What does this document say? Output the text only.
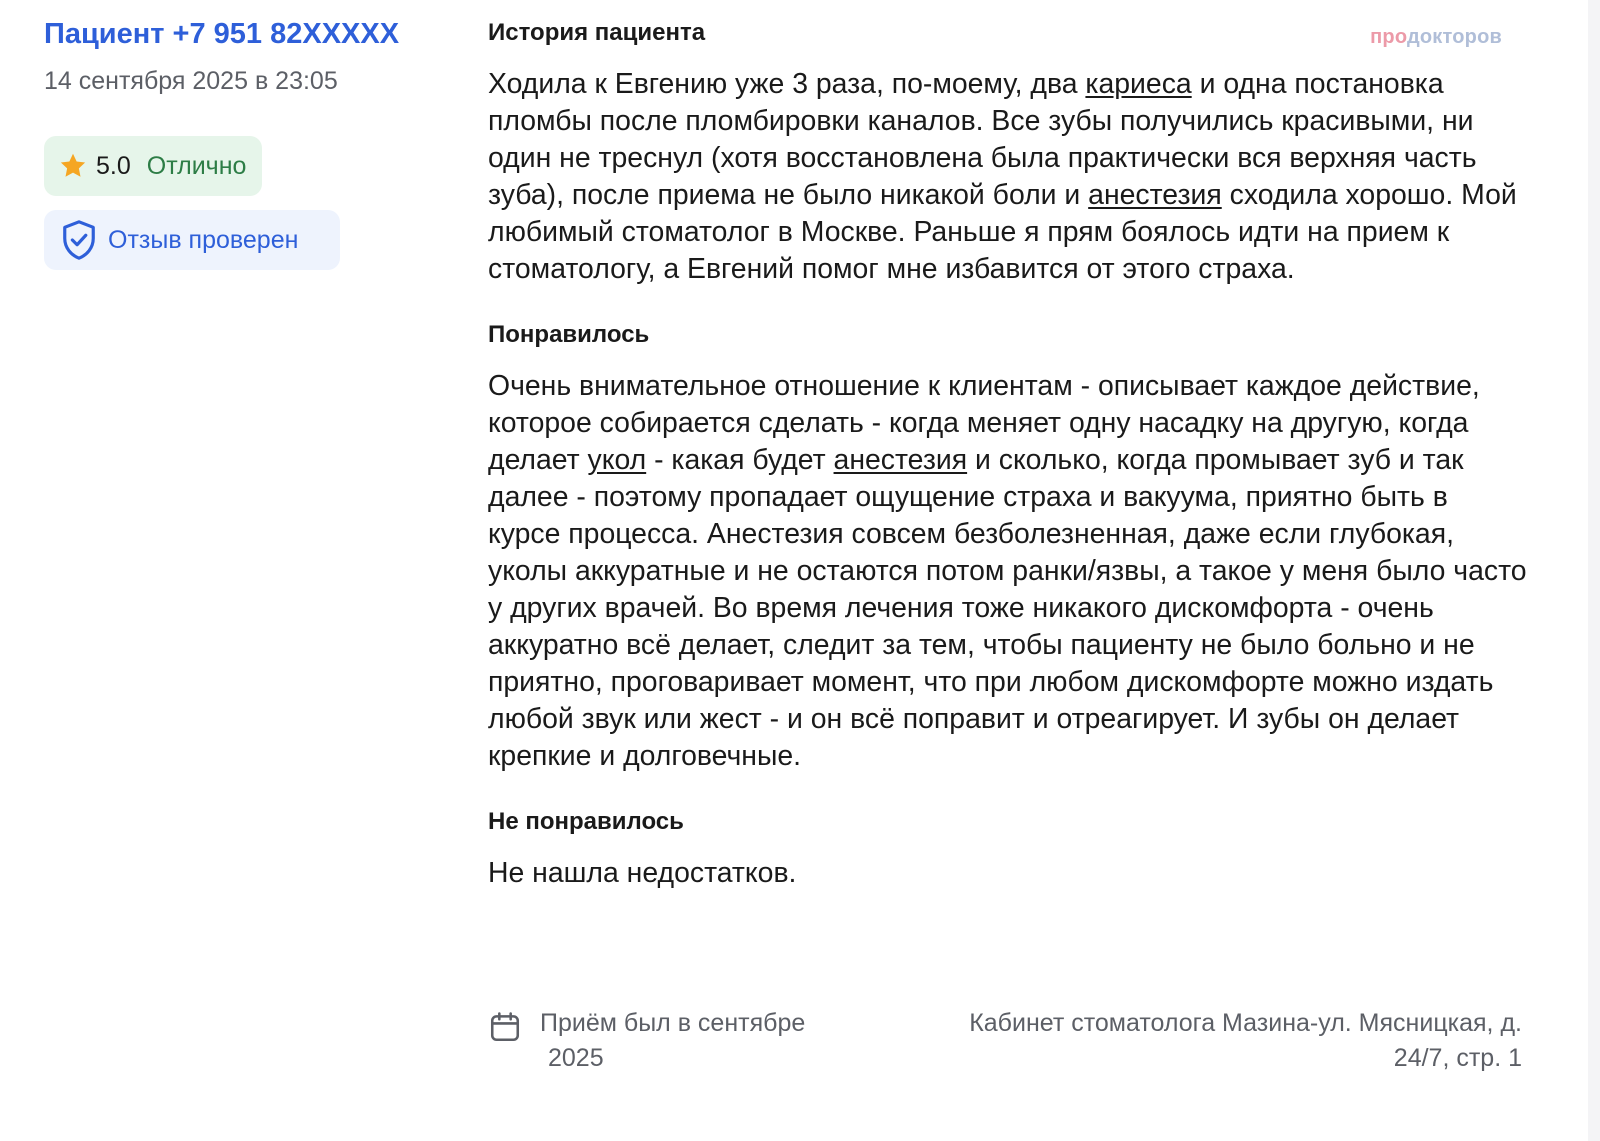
Пациент +7 951 82XXXXX
14 сентября 2025 в 23:05
5.0 Отлично
Отзыв проверен
продокторов
История пациента

Ходила к Евгению уже 3 раза, по-моему, два кариеса и одна постановка пломбы после пломбировки каналов. Все зубы получились красивыми, ни один не треснул (хотя восстановлена была практически вся верхняя часть зуба), после приема не было никакой боли и анестезия сходила хорошо. Мой любимый стоматолог в Москве. Раньше я прям боялось идти на прием к стоматологу, а Евгений помог мне избавится от этого страха.

Понравилось

Очень внимательное отношение к клиентам - описывает каждое действие, которое собирается сделать - когда меняет одну насадку на другую, когда делает укол - какая будет анестезия и сколько, когда промывает зуб и так далее - поэтому пропадает ощущение страха и вакуума, приятно быть в курсе процесса. Анестезия совсем безболезненная, даже если глубокая, уколы аккуратные и не остаются потом ранки/язвы, а такое у меня было часто у других врачей. Во время лечения тоже никакого дискомфорта - очень аккуратно всё делает, следит за тем, чтобы пациенту не было больно и не приятно, проговаривает момент, что при любом дискомфорте можно издать любой звук или жест - и он всё поправит и отреагирует. И зубы он делает крепкие и долговечные.

Не понравилось

Не нашла недостатков.

Приём был в сентябре
2025
Кабинет стоматолога Мазина-ул. Мясницкая, д.
24/7, стр. 1
